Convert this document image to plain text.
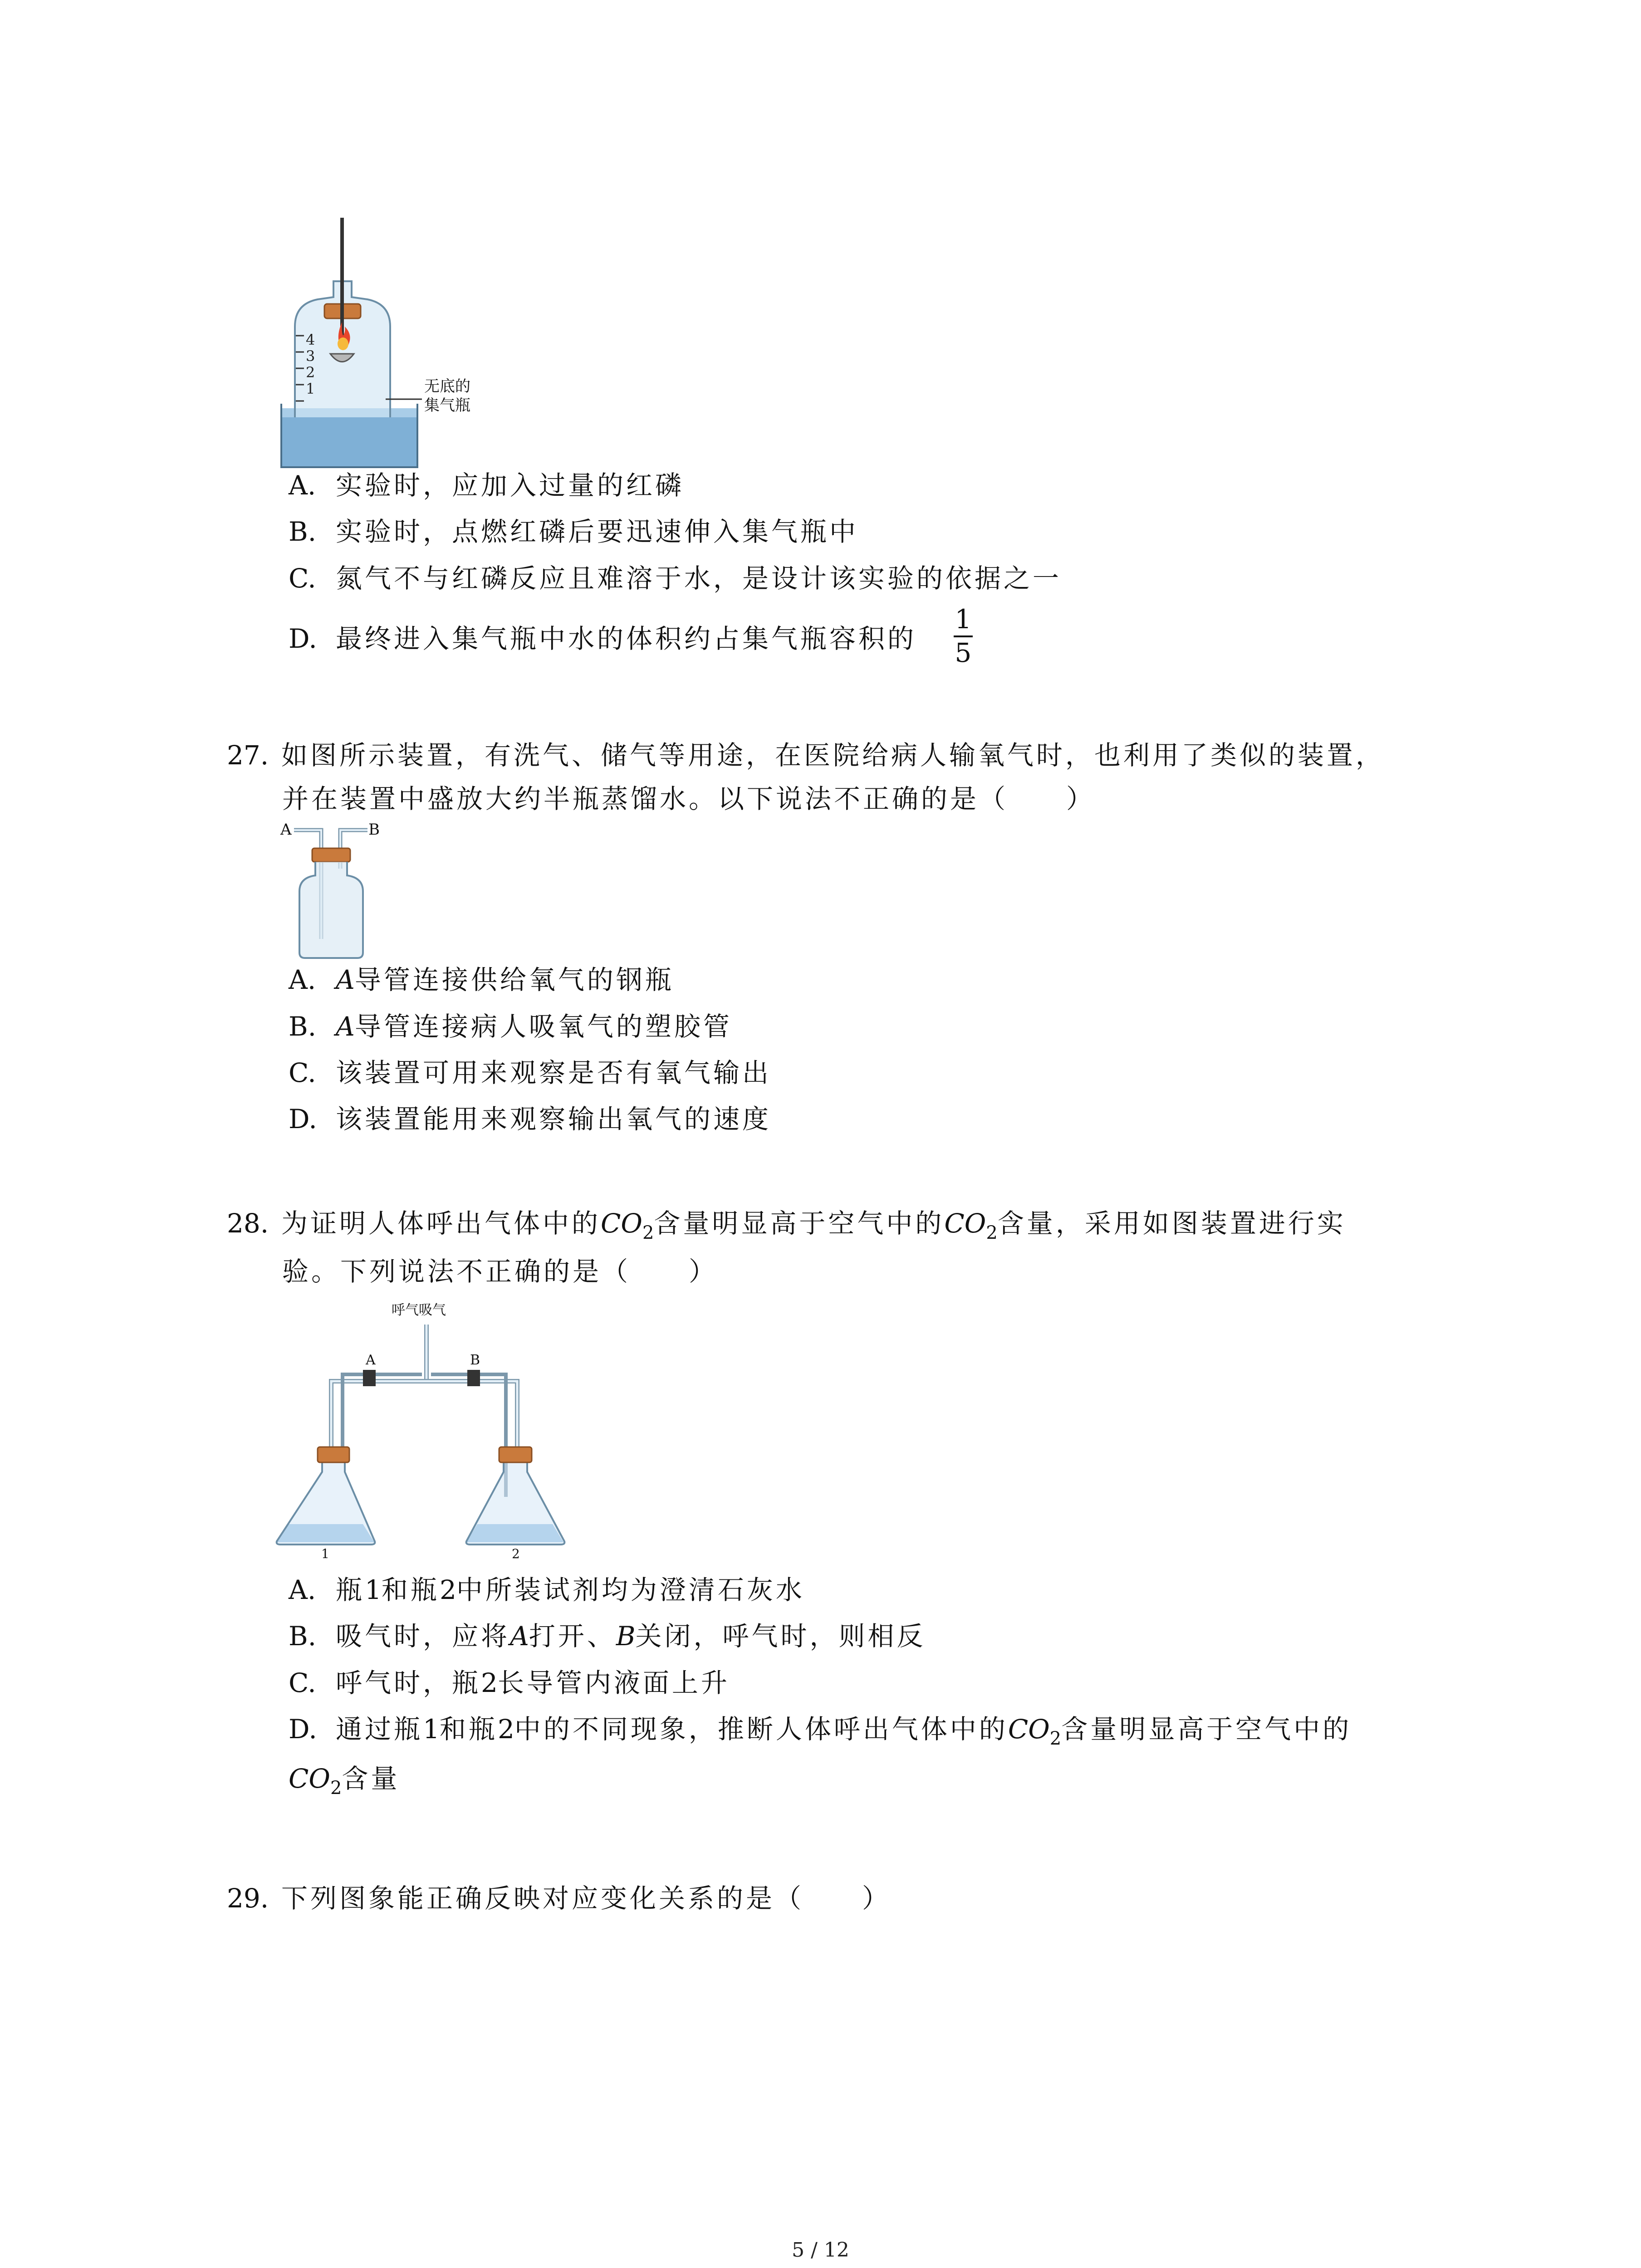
4
3
2
1	无底的
集气瓶
A. 实验时，应加入过量的红磷
B. 实验时，点燃红磷后要迅速伸入集气瓶中
C. 氮气不与红磷反应且难溶于水，是设计该实验的依据之一
D. 最终进入集气瓶中水的体积约占集气瓶容积的
1
5
27. 如图所示装置，有洗气、储气等用途，在医院给病人输氧气时，也利用了类似的装置，
并在装置中盛放大约半瓶蒸馏水。以下说法不正确的是（　　）
A	B
A. A导管连接供给氧气的钢瓶
B. A导管连接病人吸氧气的塑胶管
C. 该装置可用来观察是否有氧气输出
D. 该装置能用来观察输出氧气的速度
28. 为证明人体呼出气体中的$CO_2$含量明显高于空气中的$CO_2$含量，采用如图装置进行实
验。下列说法不正确的是（　　）
呼气吸气
A	B
1	2
A. 瓶1和瓶2中所装试剂均为澄清石灰水
B. 吸气时，应将A打开、B关闭，呼气时，则相反
C. 呼气时，瓶2长导管内液面上升
D. 通过瓶1和瓶2中的不同现象，推断人体呼出气体中的$CO_2$含量明显高于空气中的
$CO_2$含量
29. 下列图象能正确反映对应变化关系的是（　　）
5 / 12
